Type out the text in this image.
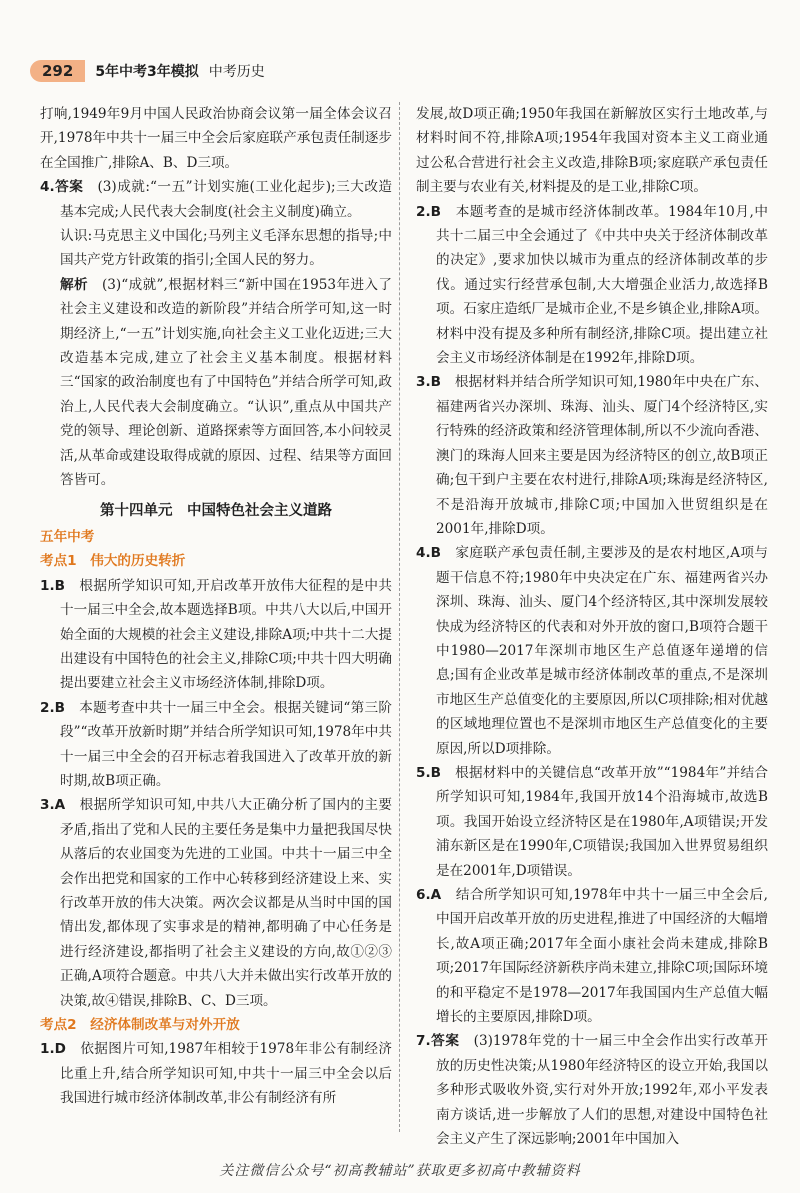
292	5年中考3年模拟 中考历史

打响,1949年9月中国人民政治协商会议第一届全体会议召开,1978年中共十一届三中全会后家庭联产承包责任制逐步在全国推广,排除A、B、D三项。

4.答案　 (3)成就:“一五”计划实施(工业化起步);三大改造基本完成;人民代表大会制度(社会主义制度)确立。

认识:马克思主义中国化;马列主义毛泽东思想的指导;中国共产党方针政策的指引;全国人民的努力。

解析　 (3)“成就”,根据材料三“新中国在1953年进入了社会主义建设和改造的新阶段”并结合所学可知,这一时期经济上,“一五”计划实施,向社会主义工业化迈进;三大改造基本完成,建立了社会主义基本制度。根据材料三“国家的政治制度也有了中国特色”并结合所学可知,政治上,人民代表大会制度确立。“认识”,重点从中国共产党的领导、理论创新、道路探索等方面回答,本小问较灵活,从革命或建设取得成就的原因、过程、结果等方面回答皆可。

第十四单元　中国特色社会主义道路

五年中考

考点1　伟大的历史转折

1.B　 根据所学知识可知,开启改革开放伟大征程的是中共十一届三中全会,故本题选择B项。中共八大以后,中国开始全面的大规模的社会主义建设,排除A项;中共十二大提出建设有中国特色的社会主义,排除C项;中共十四大明确提出要建立社会主义市场经济体制,排除D项。

2.B　 本题考查中共十一届三中全会。根据关键词“第三阶段”“改革开放新时期”并结合所学知识可知,1978年中共十一届三中全会的召开标志着我国进入了改革开放的新时期,故B项正确。

3.A　 根据所学知识可知,中共八大正确分析了国内的主要矛盾,指出了党和人民的主要任务是集中力量把我国尽快从落后的农业国变为先进的工业国。中共十一届三中全会作出把党和国家的工作中心转移到经济建设上来、实行改革开放的伟大决策。两次会议都是从当时中国的国情出发,都体现了实事求是的精神,都明确了中心任务是进行经济建设,都指明了社会主义建设的方向,故①②③正确,A项符合题意。中共八大并未做出实行改革开放的决策,故④错误,排除B、C、D三项。

考点2　经济体制改革与对外开放

1.D　 依据图片可知,1987年相较于1978年非公有制经济比重上升,结合所学知识可知,中共十一届三中全会以后我国进行城市经济体制改革,非公有制经济有所

发展,故D项正确;1950年我国在新解放区实行土地改革,与材料时间不符,排除A项;1954年我国对资本主义工商业通过公私合营进行社会主义改造,排除B项;家庭联产承包责任制主要与农业有关,材料提及的是工业,排除C项。

2.B　 本题考查的是城市经济体制改革。1984年10月,中共十二届三中全会通过了《中共中央关于经济体制改革的决定》,要求加快以城市为重点的经济体制改革的步伐。通过实行经营承包制,大大增强企业活力,故选择B项。石家庄造纸厂是城市企业,不是乡镇企业,排除A项。材料中没有提及多种所有制经济,排除C项。提出建立社会主义市场经济体制是在1992年,排除D项。

3.B　 根据材料并结合所学知识可知,1980年中央在广东、福建两省兴办深圳、珠海、汕头、厦门4个经济特区,实行特殊的经济政策和经济管理体制,所以不少流向香港、澳门的珠海人回来主要是因为经济特区的创立,故B项正确;包干到户主要在农村进行,排除A项;珠海是经济特区,不是沿海开放城市,排除C项;中国加入世贸组织是在2001年,排除D项。

4.B　 家庭联产承包责任制,主要涉及的是农村地区,A项与题干信息不符;1980年中央决定在广东、福建两省兴办深圳、珠海、汕头、厦门4个经济特区,其中深圳发展较快成为经济特区的代表和对外开放的窗口,B项符合题干中1980—2017年深圳市地区生产总值逐年递增的信息;国有企业改革是城市经济体制改革的重点,不是深圳市地区生产总值变化的主要原因,所以C项排除;相对优越的区域地理位置也不是深圳市地区生产总值变化的主要原因,所以D项排除。

5.B　 根据材料中的关键信息“改革开放”“1984年”并结合所学知识可知,1984年,我国开放14个沿海城市,故选B项。我国开始设立经济特区是在1980年,A项错误;开发浦东新区是在1990年,C项错误;我国加入世界贸易组织是在2001年,D项错误。

6.A　 结合所学知识可知,1978年中共十一届三中全会后,中国开启改革开放的历史进程,推进了中国经济的大幅增长,故A项正确;2017年全面小康社会尚未建成,排除B项;2017年国际经济新秩序尚未建立,排除C项;国际环境的和平稳定不是1978—2017年我国国内生产总值大幅增长的主要原因,排除D项。

7.答案　 (3)1978年党的十一届三中全会作出实行改革开放的历史性决策;从1980年经济特区的设立开始,我国以多种形式吸收外资,实行对外开放;1992年,邓小平发表南方谈话,进一步解放了人们的思想,对建设中国特色社会主义产生了深远影响;2001年中国加入

关注微信公众号“初高教辅站”获取更多初高中教辅资料
